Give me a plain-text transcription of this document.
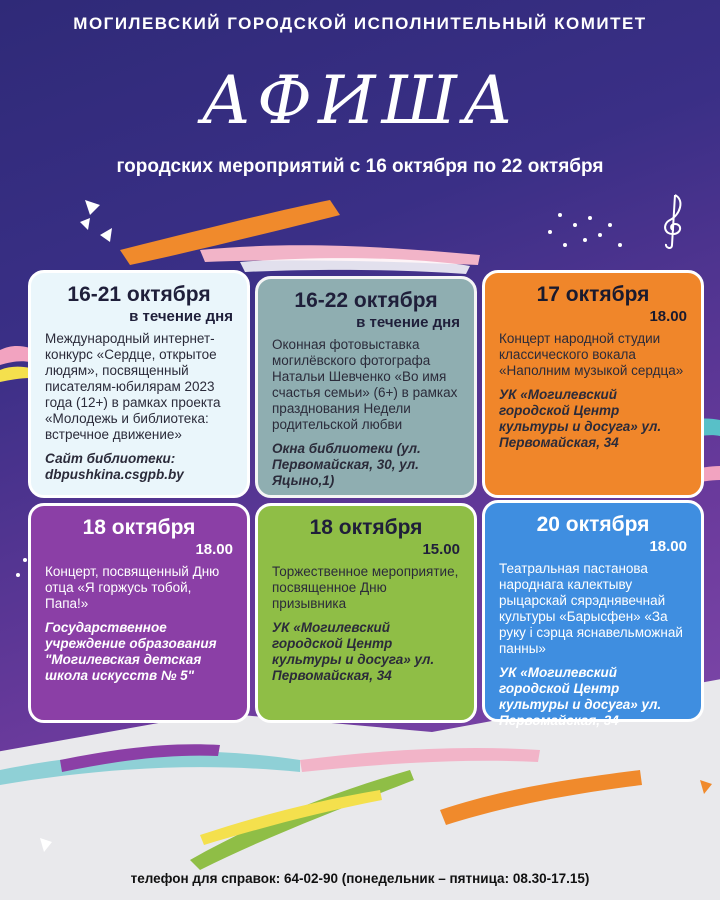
МОГИЛЕВСКИЙ ГОРОДСКОЙ ИСПОЛНИТЕЛЬНЫЙ КОМИТЕТ
АФИША
городских мероприятий с 16 октября по 22 октября
16-21 октября
в течение дня
Международный интернет-конкурс «Сердце, открытое людям», посвященный писателям-юбилярам 2023 года (12+) в рамках проекта «Молодежь и библиотека: встречное движение»
Сайт библиотеки: dbpushkina.csgpb.by
16-22 октября
в течение дня
Оконная фотовыставка могилёвского фотографа Натальи Шевченко «Во имя счастья семьи» (6+) в рамках празднования Недели родительской любви
Окна библиотеки (ул. Первомайская, 30, ул. Яцыно,1)
17 октября
18.00
Концерт народной студии классического вокала «Наполним музыкой сердца»
УК «Могилевский городской Центр культуры и досуга» ул. Первомайская, 34
18 октября
18.00
Концерт, посвященный Дню отца «Я горжусь тобой, Папа!»
Государственное учреждение образования "Могилевская детская школа искусств № 5"
18 октября
15.00
Торжественное мероприятие, посвященное Дню призывника
УК «Могилевский городской Центр культуры и досуга» ул. Первомайская, 34
20 октября
18.00
Театральная пастанова народнага калектыву рыцарскай сярэднявечнай культуры «Барысфен» «За руку і сэрца яснавельможнай панны»
УК «Могилевский городской Центр культуры и досуга» ул. Первомайская, 34
телефон для справок: 64-02-90 (понедельник – пятница: 08.30-17.15)
